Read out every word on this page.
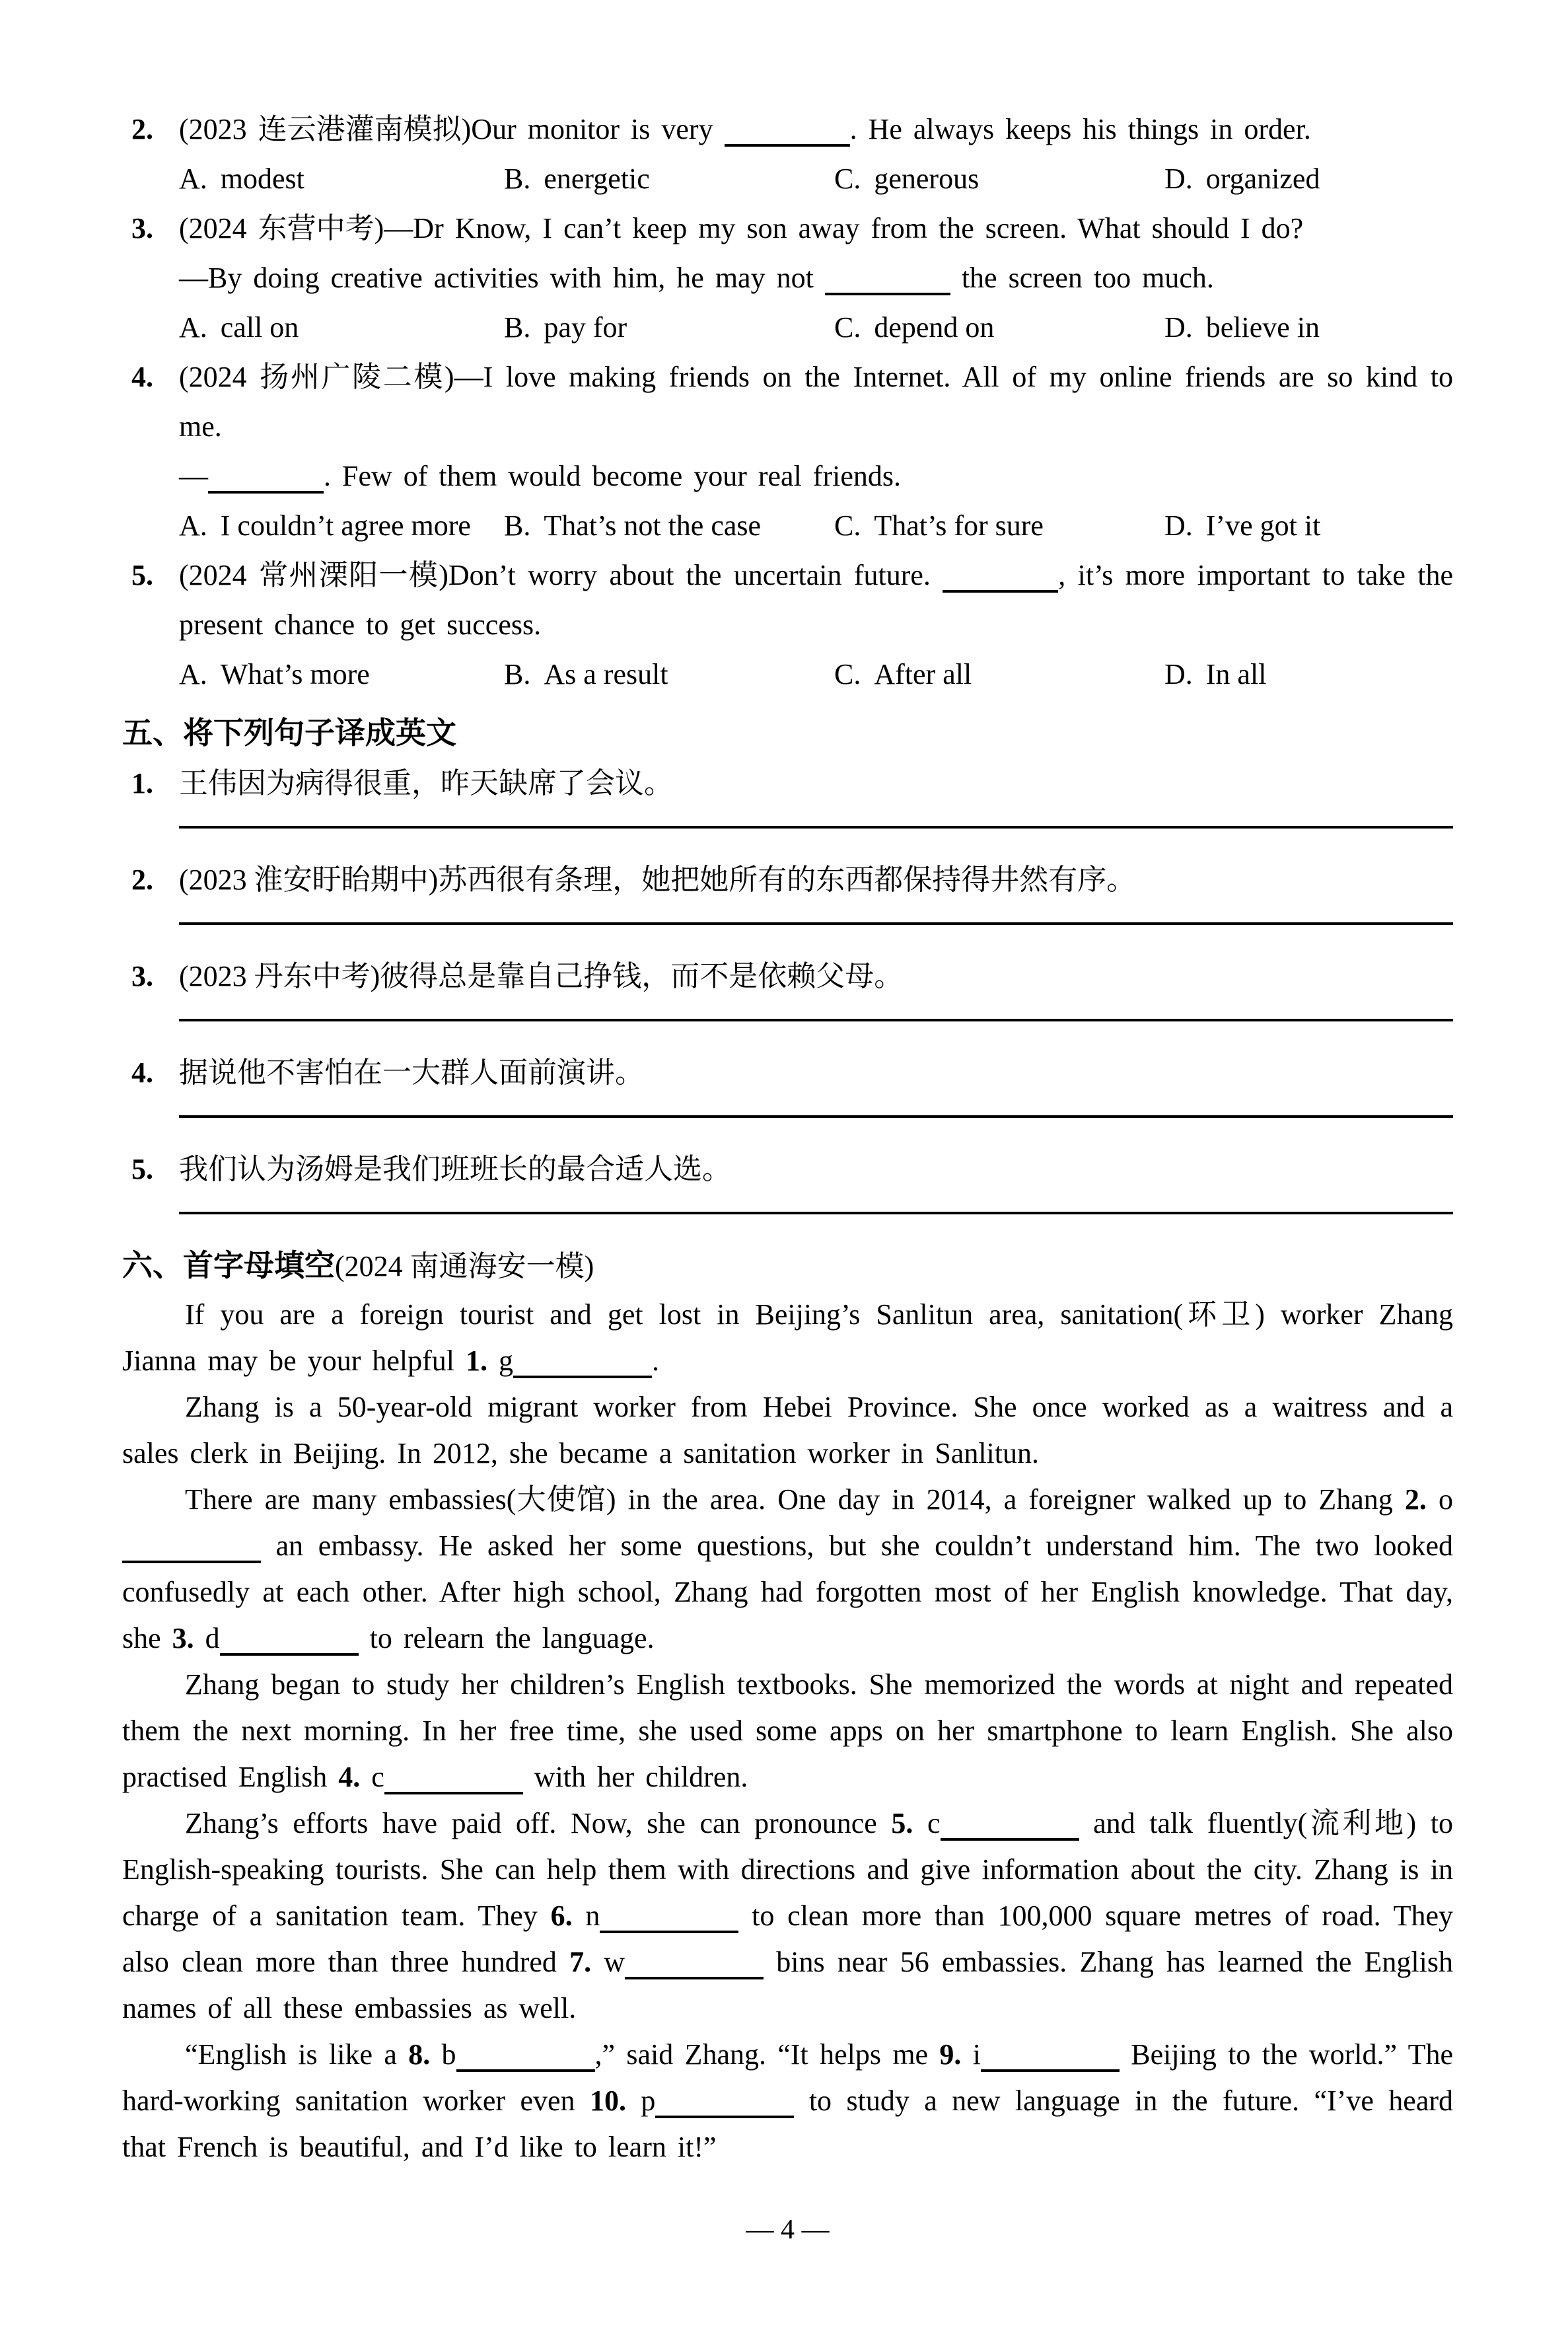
2. (2023 连云港灌南模拟)Our monitor is very	. He always keeps his things in order.
A. modest	B. energetic	C. generous	D. organized
3. (2024 东营中考)—Dr Know, I can’t keep my son away from the screen. What should I do?
—By doing creative activities with him, he may not	the screen too much.
A. call on	B. pay for	C. depend on	D. believe in
4. (2024 扬州广陵二模)—I love making friends on the Internet. All of my online friends are so kind to me.
—	. Few of them would become your real friends.
A. I couldn’t agree more	B. That’s not the case	C. That’s for sure	D. I’ve got it
5. (2024 常州溧阳一模)Don’t worry about the uncertain future.	, it’s more important to take the present chance to get success.
A. What’s more	B. As a result	C. After all	D. In all
五、将下列句子译成英文
1. 王伟因为病得很重，昨天缺席了会议。
2. (2023 淮安盱眙期中)苏西很有条理，她把她所有的东西都保持得井然有序。
3. (2023 丹东中考)彼得总是靠自己挣钱，而不是依赖父母。
4. 据说他不害怕在一大群人面前演讲。
5. 我们认为汤姆是我们班班长的最合适人选。
六、首字母填空(2024 南通海安一模)
If you are a foreign tourist and get lost in Beijing’s Sanlitun area, sanitation(环卫) worker Zhang Jianna may be your helpful 1. g	.
Zhang is a 50-year-old migrant worker from Hebei Province. She once worked as a waitress and a sales clerk in Beijing. In 2012, she became a sanitation worker in Sanlitun.
There are many embassies(大使馆) in the area. One day in 2014, a foreigner walked up to Zhang 2. o an embassy. He asked her some questions, but she couldn’t understand him. The two looked confusedly at each other. After high school, Zhang had forgotten most of her English knowledge. That day, she 3. d	to relearn the language.
Zhang began to study her children’s English textbooks. She memorized the words at night and repeated them the next morning. In her free time, she used some apps on her smartphone to learn English. She also practised English 4. c	with her children.
Zhang’s efforts have paid off. Now, she can pronounce 5. c	and talk fluently(流利地) to English-speaking tourists. She can help them with directions and give information about the city. Zhang is in charge of a sanitation team. They 6. n	to clean more than 100,000 square metres of road. They also clean more than three hundred 7. w	bins near 56 embassies. Zhang has learned the English names of all these embassies as well.
“English is like a 8. b	,” said Zhang. “It helps me 9. i	Beijing to the world.” The hard-working sanitation worker even 10. p	to study a new language in the future. “I’ve heard that French is beautiful, and I’d like to learn it!”
— 4 —
